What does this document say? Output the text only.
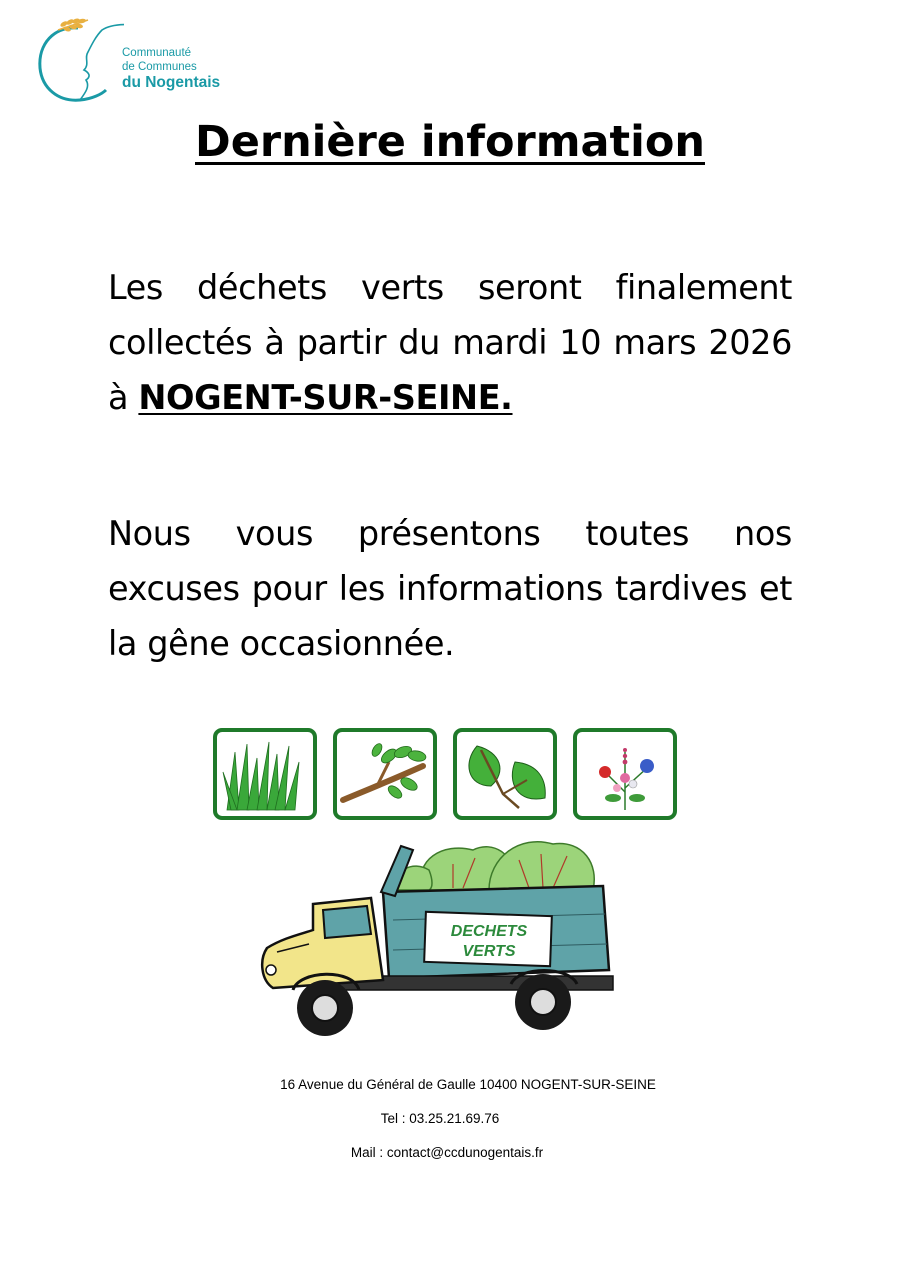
Communauté
de Communes
du Nogentais
Dernière information

Les déchets verts seront finalement collectés à partir du mardi 10 mars 2026 à NOGENT-SUR-SEINE.

Nous vous présentons toutes nos excuses pour les informations tardives et la gêne occasionnée.

DECHETS
VERTS

16 Avenue du Général de Gaulle 10400 NOGENT-SUR-SEINE

Tel : 03.25.21.69.76

Mail : contact@ccdunogentais.fr
